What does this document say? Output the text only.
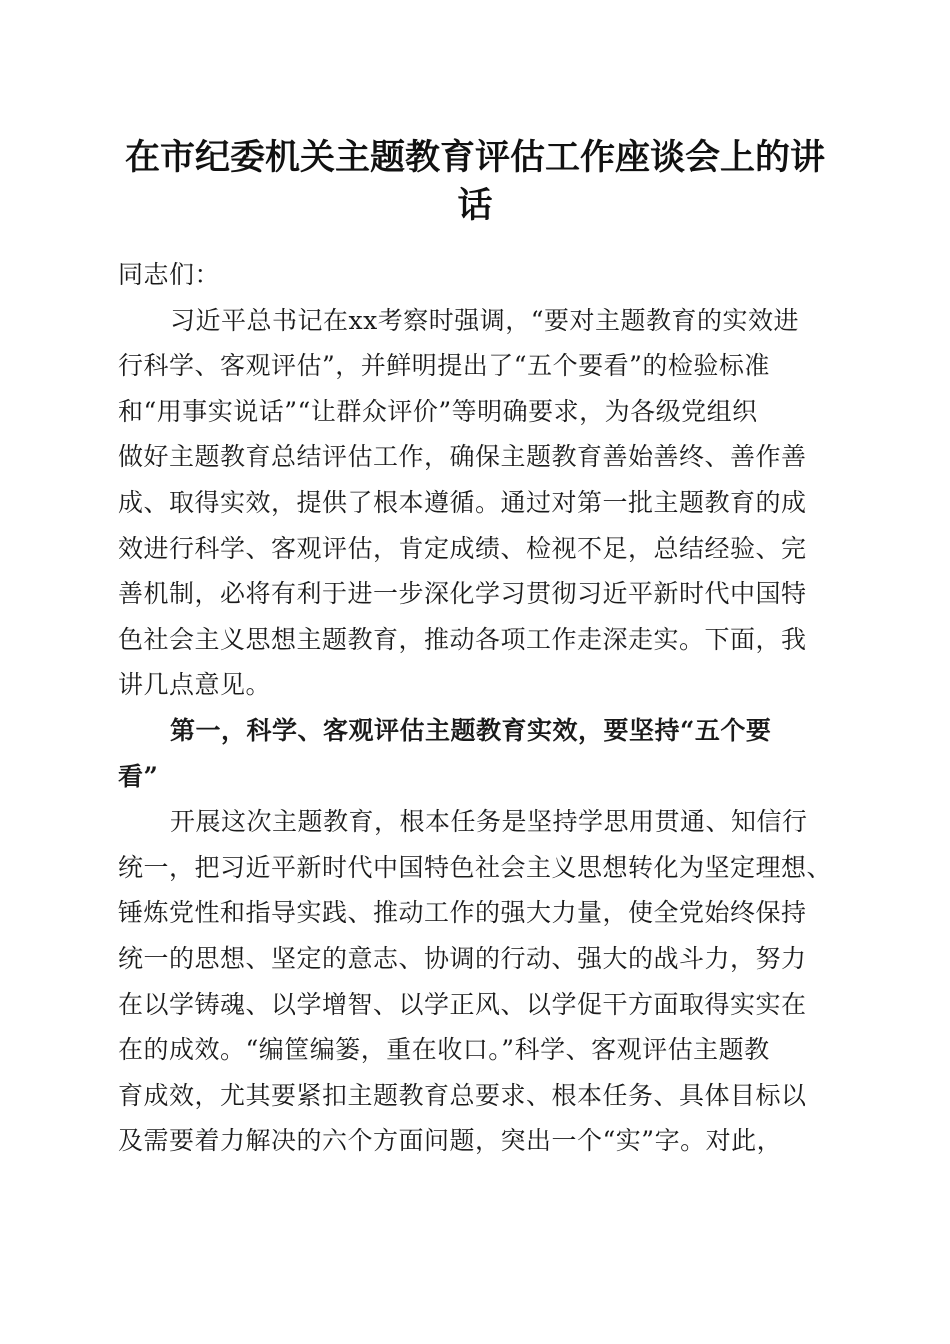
在市纪委机关主题教育评估工作座谈会上的讲
话
同志们：
习近平总书记在xx考察时强调，“要对主题教育的实效进
行科学、客观评估”，并鲜明提出了“五个要看”的检验标准
和“用事实说话”“让群众评价”等明确要求，为各级党组织
做好主题教育总结评估工作，确保主题教育善始善终、善作善
成、取得实效，提供了根本遵循。通过对第一批主题教育的成
效进行科学、客观评估，肯定成绩、检视不足，总结经验、完
善机制，必将有利于进一步深化学习贯彻习近平新时代中国特
色社会主义思想主题教育，推动各项工作走深走实。下面，我
讲几点意见。
第一，科学、客观评估主题教育实效，要坚持“五个要
看”
开展这次主题教育，根本任务是坚持学思用贯通、知信行
统一，把习近平新时代中国特色社会主义思想转化为坚定理想、
锤炼党性和指导实践、推动工作的强大力量，使全党始终保持
统一的思想、坚定的意志、协调的行动、强大的战斗力，努力
在以学铸魂、以学增智、以学正风、以学促干方面取得实实在
在的成效。“编筐编篓，重在收口。”科学、客观评估主题教
育成效，尤其要紧扣主题教育总要求、根本任务、具体目标以
及需要着力解决的六个方面问题，突出一个“实”字。对此，
